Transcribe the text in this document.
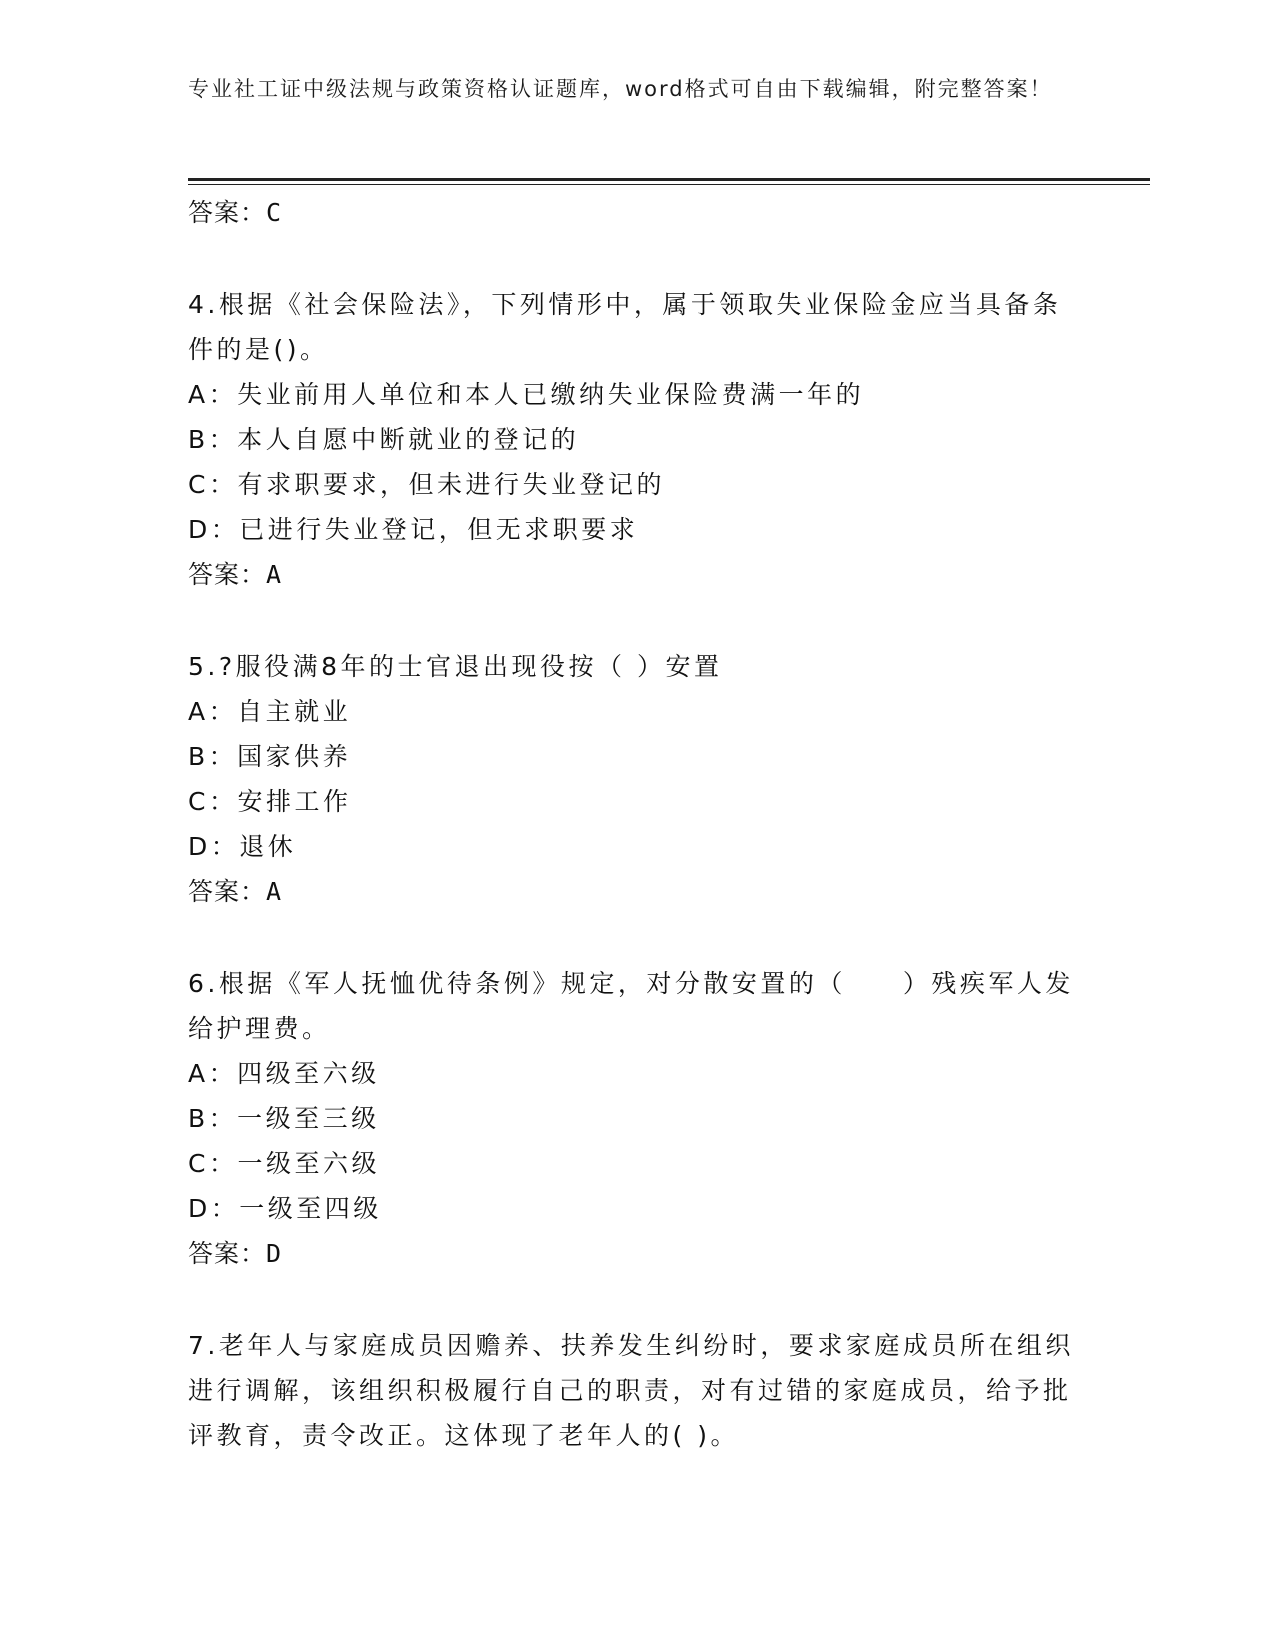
专业社工证中级法规与政策资格认证题库，word格式可自由下载编辑，附完整答案！
答案：C
4.根据《社会保险法》，下列情形中，属于领取失业保险金应当具备条件的是()。
A：失业前用人单位和本人已缴纳失业保险费满一年的
B：本人自愿中断就业的登记的
C：有求职要求，但未进行失业登记的
D：已进行失业登记，但无求职要求
答案：A
5.?服役满8年的士官退出现役按（ ）安置
A：自主就业
B：国家供养
C：安排工作
D：退休
答案：A
6.根据《军人抚恤优待条例》规定，对分散安置的（　　）残疾军人发给护理费。
A：四级至六级
B：一级至三级
C：一级至六级
D：一级至四级
答案：D
7.老年人与家庭成员因赡养、扶养发生纠纷时，要求家庭成员所在组织进行调解，该组织积极履行自己的职责，对有过错的家庭成员，给予批评教育，责令改正。这体现了老年人的( )。
